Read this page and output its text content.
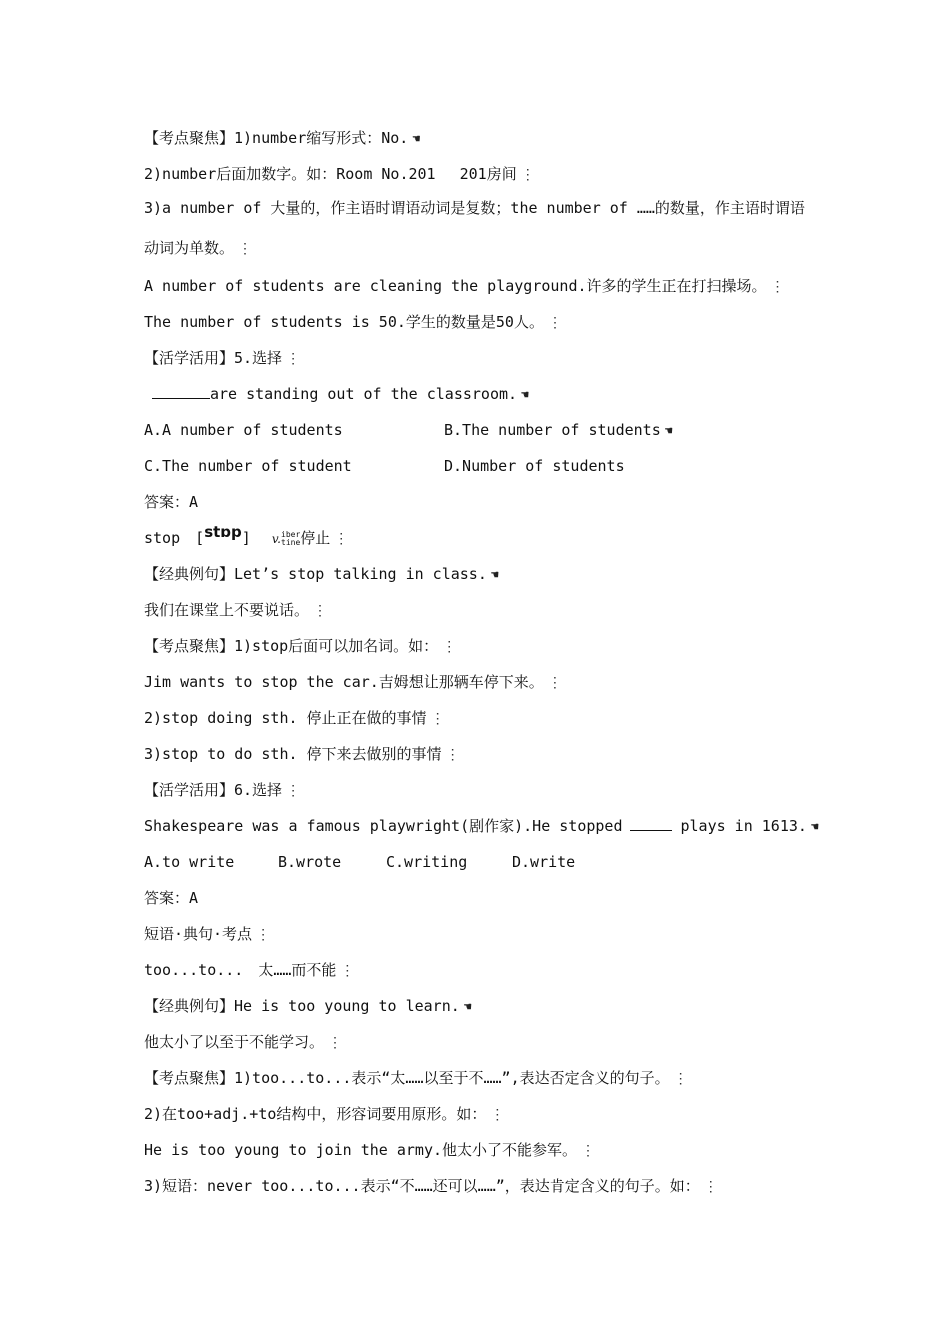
【考点聚焦】1)number缩写形式：No. ☚
2)number后面加数字。如：Room No.201　 201房间 ⋮
3)a number of 大量的，作主语时谓语动词是复数；the number of ……的数量，作主语时谓语动词为单数。 ⋮
A number of students are cleaning the playground.许多的学生正在打扫操场。 ⋮
The number of students is 50.学生的数量是50人。 ⋮
【活学活用】5.选择 ⋮
are standing out of the classroom. ☚
A.A number of students	B.The number of students ☚
C.The number of student	D.Number of students
答案：A
stop [stɒp] v.iber
tine停止 ⋮
【经典例句】Let’s stop talking in class. ☚
我们在课堂上不要说话。 ⋮
【考点聚焦】1)stop后面可以加名词。如： ⋮
Jim wants to stop the car.吉姆想让那辆车停下来。 ⋮
2)stop doing sth. 停止正在做的事情 ⋮
3)stop to do sth. 停下来去做别的事情 ⋮
【活学活用】6.选择 ⋮
Shakespeare was a famous playwright(剧作家).He stopped	plays in 1613. ☚
A.to write	B.wrote	C.writing	D.write
答案：A
短语·典句·考点 ⋮
too...to...　太……而不能 ⋮
【经典例句】He is too young to learn. ☚
他太小了以至于不能学习。 ⋮
【考点聚焦】1)too...to...表示“太……以至于不……”,表达否定含义的句子。 ⋮
2)在too+adj.+to结构中，形容词要用原形。如： ⋮
He is too young to join the army.他太小了不能参军。 ⋮
3)短语：never too...to...表示“不……还可以……”，表达肯定含义的句子。如： ⋮
